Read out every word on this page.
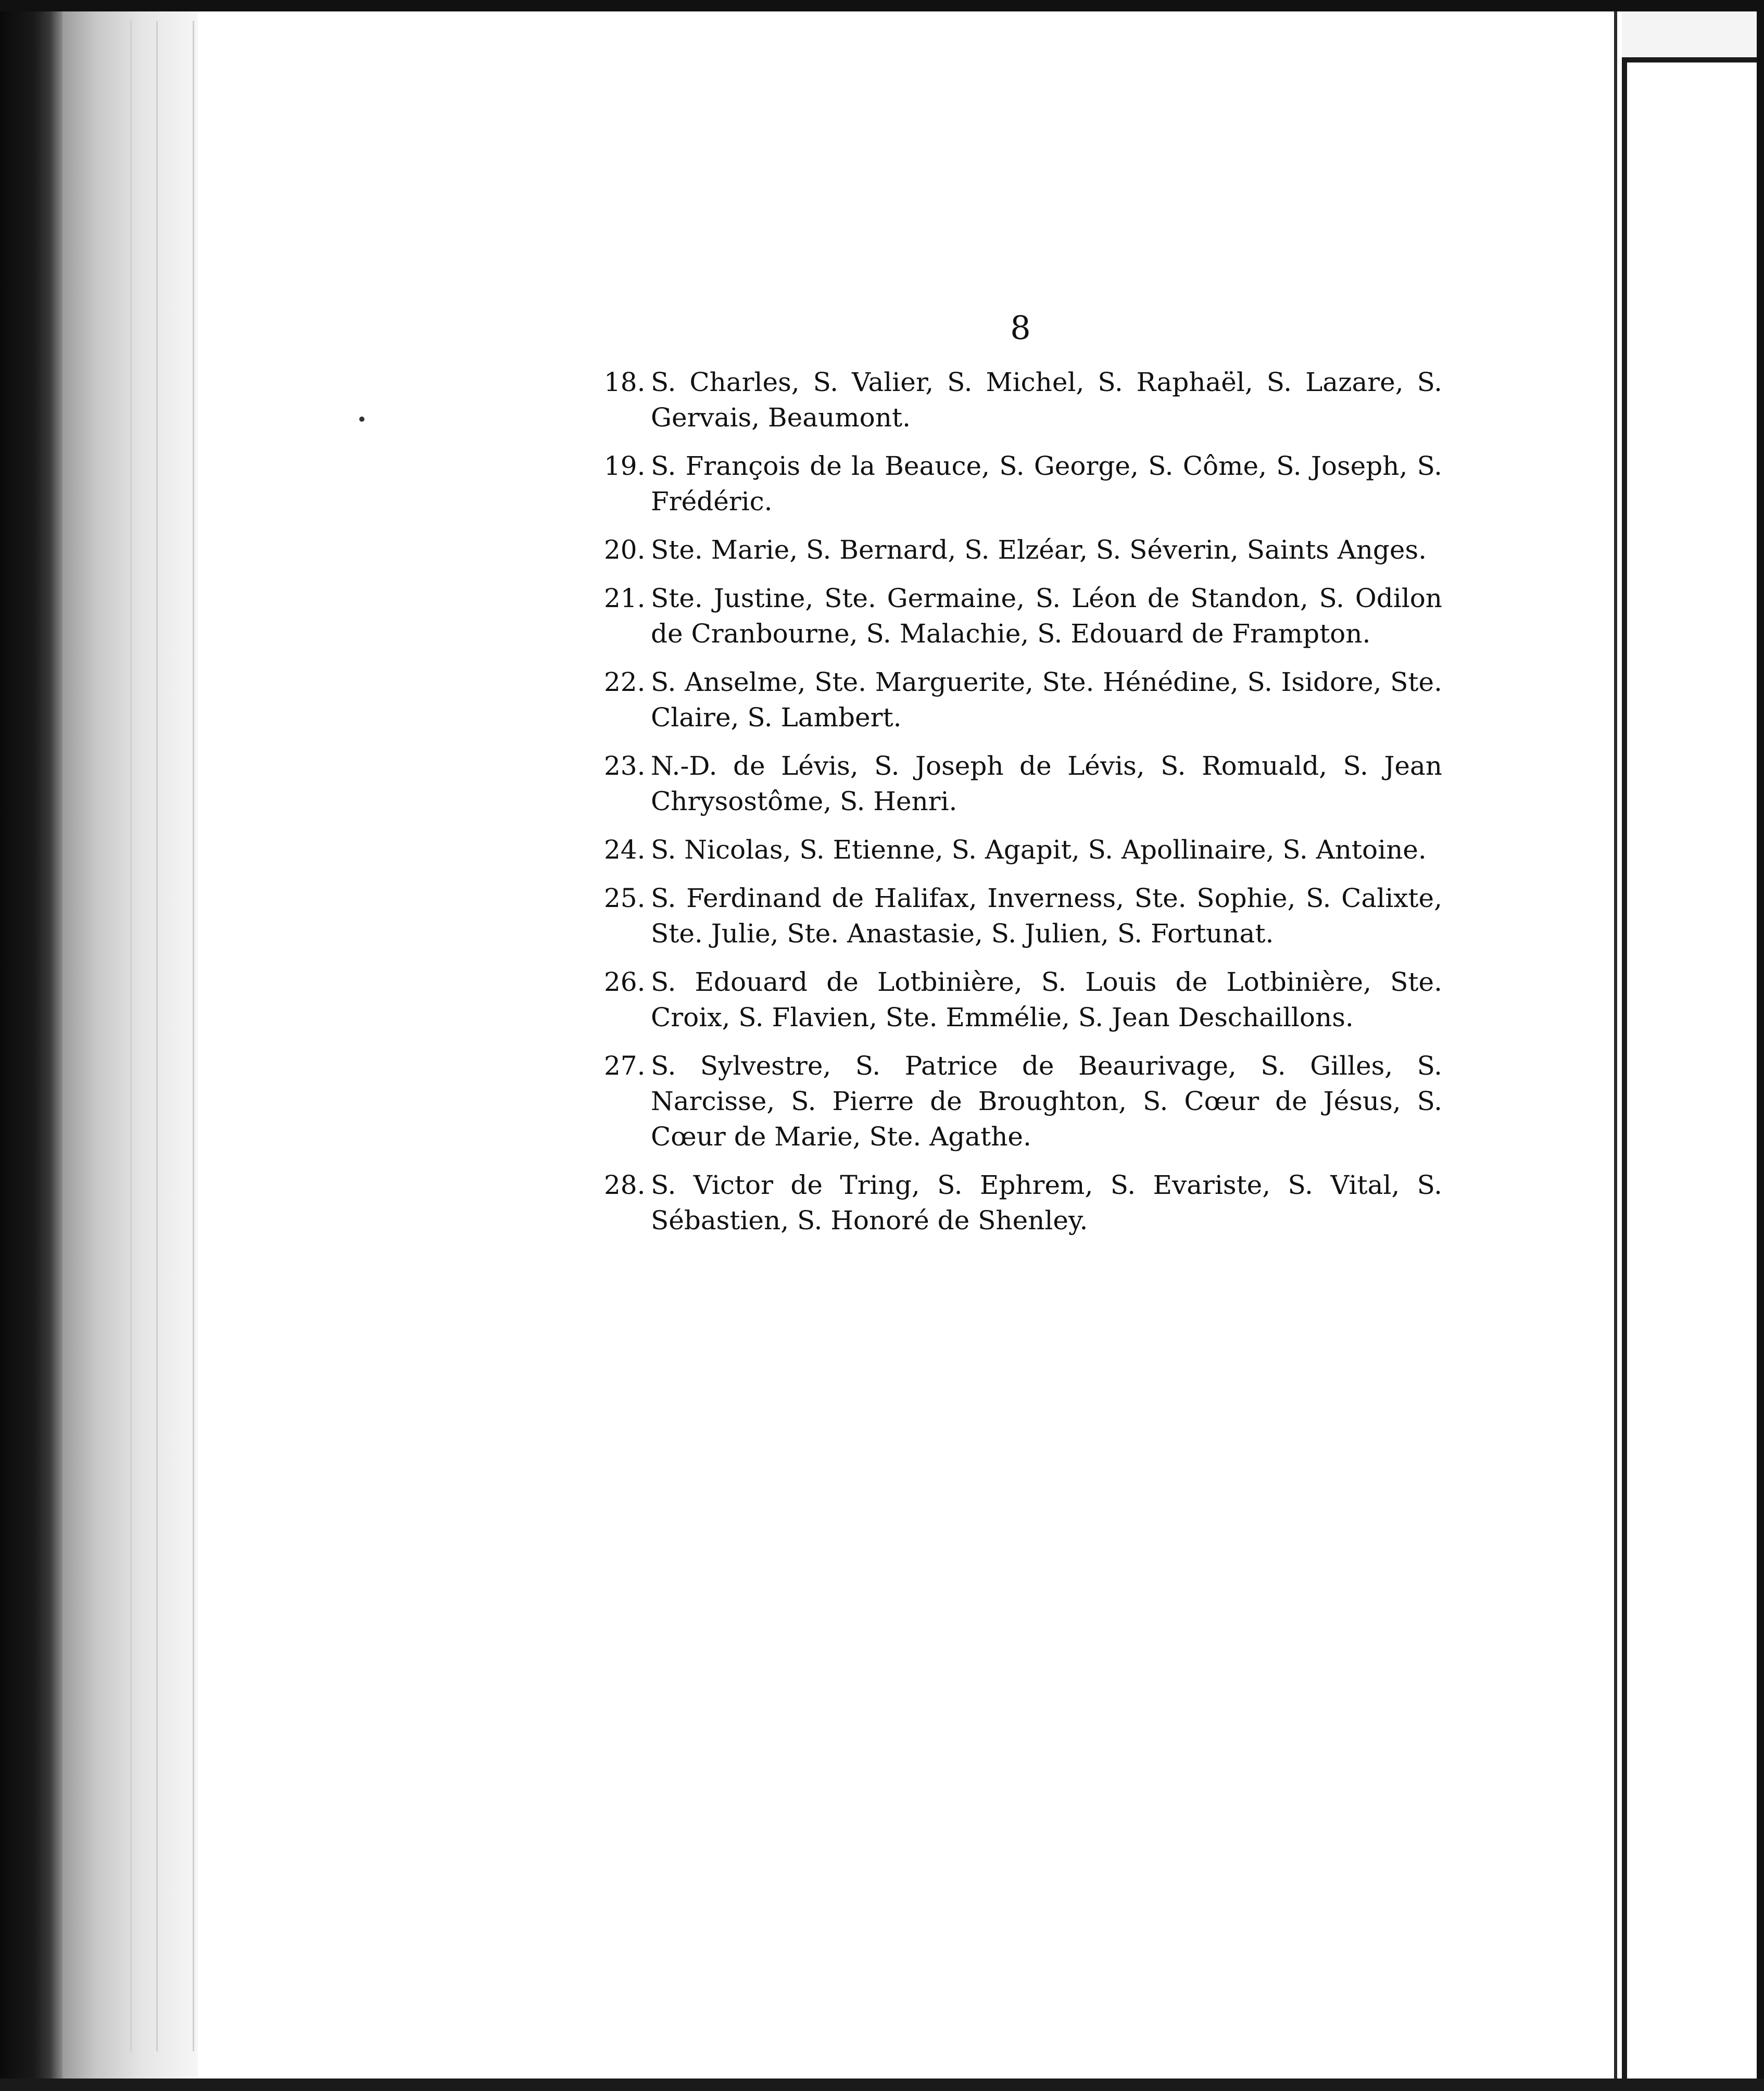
8
18. S. Charles, S. Valier, S. Michel, S. Raphaël, S. Lazare, S. Gervais, Beaumont.
19. S. François de la Beauce, S. George, S. Côme, S. Joseph, S. Frédéric.
20. Ste. Marie, S. Bernard, S. Elzéar, S. Séverin, Saints Anges.
21. Ste. Justine, Ste. Germaine, S. Léon de Standon, S. Odilon de Cranbourne, S. Malachie, S. Edouard de Frampton.
22. S. Anselme, Ste. Marguerite, Ste. Hénédine, S. Isidore, Ste. Claire, S. Lambert.
23. N.-D. de Lévis, S. Joseph de Lévis, S. Romuald, S. Jean Chrysostôme, S. Henri.
24. S. Nicolas, S. Etienne, S. Agapit, S. Apollinaire, S. Antoine.
25. S. Ferdinand de Halifax, Inverness, Ste. Sophie, S. Calixte, Ste. Julie, Ste. Anastasie, S. Julien, S. Fortunat.
26. S. Edouard de Lotbinière, S. Louis de Lotbinière, Ste. Croix, S. Flavien, Ste. Emmélie, S. Jean Deschaillons.
27. S. Sylvestre, S. Patrice de Beaurivage, S. Gilles, S. Narcisse, S. Pierre de Broughton, S. Cœur de Jésus, S. Cœur de Marie, Ste. Agathe.
28. S. Victor de Tring, S. Ephrem, S. Evariste, S. Vital, S. Sébastien, S. Honoré de Shenley.
